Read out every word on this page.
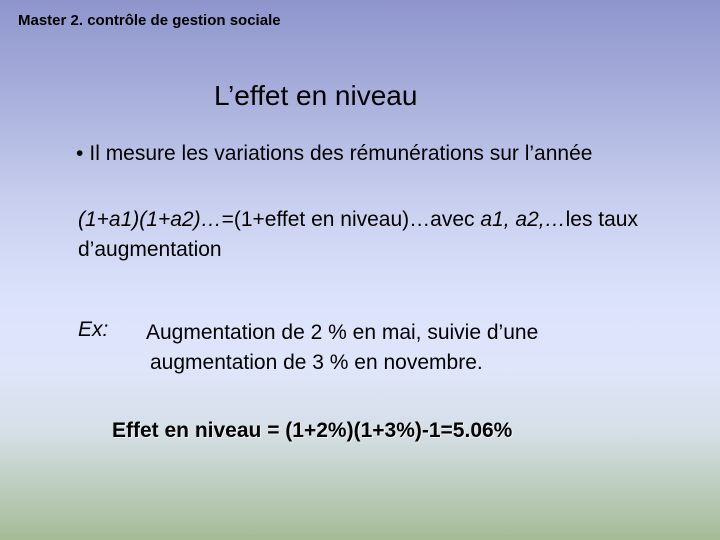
Master 2. contrôle de gestion sociale
L’effet en niveau
• Il mesure les variations des rémunérations sur l’année
(1+a1)(1+a2)…=(1+effet en niveau)…avec a1, a2,…les taux d’augmentation
Ex: Augmentation de 2 % en mai, suivie d’une
augmentation de 3 % en novembre.
Effet en niveau = (1+2%)(1+3%)-1=5.06%
